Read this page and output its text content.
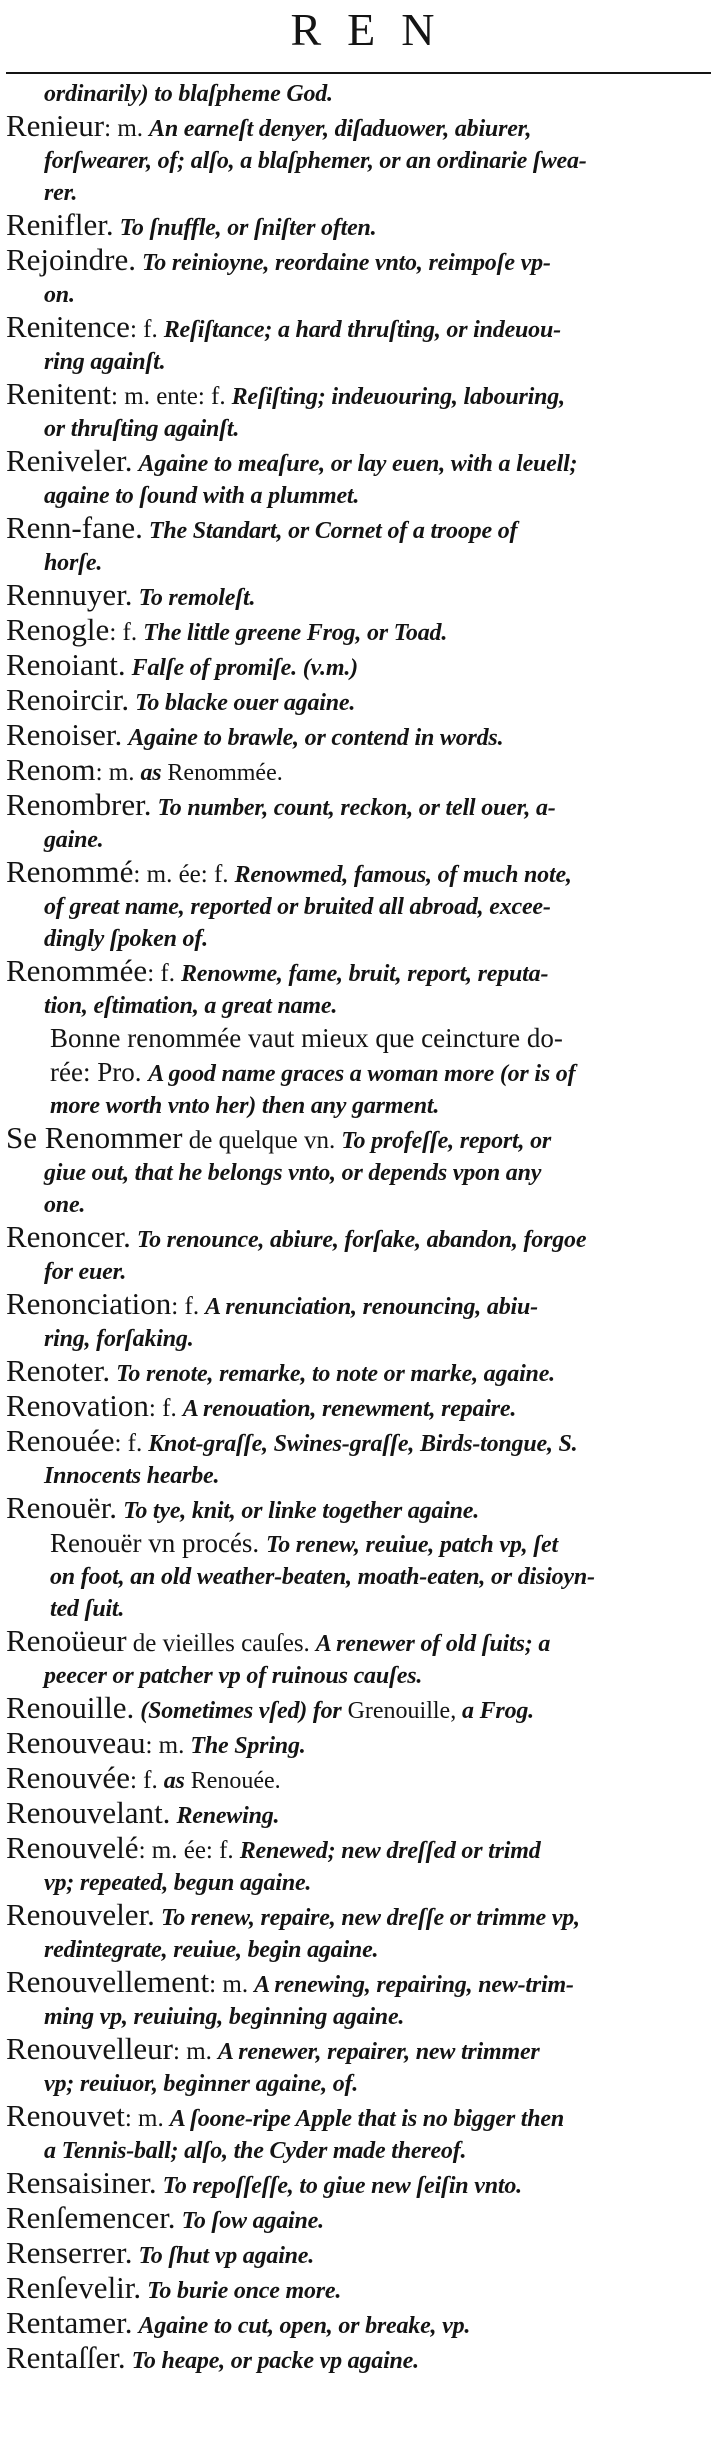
REN
ordinarily) to blaſpheme God.
Renieur: m. An earneſt denyer, diſaduower, abiurer,
forſwearer, of; alſo, a blaſphemer, or an ordinarie ſwea-
rer.
Renifler. To ſnuffle, or ſniſter often.
Rejoindre. To reinioyne, reordaine vnto, reimpoſe vp-
on.
Renitence: f. Reſiſtance; a hard thruſting, or indeuou-
ring againſt.
Renitent: m. ente: f. Reſiſting; indeuouring, labouring,
or thruſting againſt.
Reniveler. Againe to meaſure, or lay euen, with a leuell;
againe to ſound with a plummet.
Renn-fane. The Standart, or Cornet of a troope of
horſe.
Rennuyer. To remoleſt.
Renogle: f. The little greene Frog, or Toad.
Renoiant. Falſe of promiſe. (v.m.)
Renoircir. To blacke ouer againe.
Renoiser. Againe to brawle, or contend in words.
Renom: m. as Renommée.
Renombrer. To number, count, reckon, or tell ouer, a-
gaine.
Renommé: m. ée: f. Renowmed, famous, of much note,
of great name, reported or bruited all abroad, excee-
dingly ſpoken of.
Renommée: f. Renowme, fame, bruit, report, reputa-
tion, eſtimation, a great name.
Bonne renommée vaut mieux que ceincture do-
rée: Pro. A good name graces a woman more (or is of
more worth vnto her) then any garment.
Se Renommer de quelque vn. To profeſſe, report, or
giue out, that he belongs vnto, or depends vpon any
one.
Renoncer. To renounce, abiure, forſake, abandon, forgoe
for euer.
Renonciation: f. A renunciation, renouncing, abiu-
ring, forſaking.
Renoter. To renote, remarke, to note or marke, againe.
Renovation: f. A renouation, renewment, repaire.
Renouée: f. Knot-graſſe, Swines-graſſe, Birds-tongue, S.
Innocents hearbe.
Renouër. To tye, knit, or linke together againe.
Renouër vn procés. To renew, reuiue, patch vp, ſet
on foot, an old weather-beaten, moath-eaten, or disioyn-
ted ſuit.
Renoüeur de vieilles cauſes. A renewer of old ſuits; a
peecer or patcher vp of ruinous cauſes.
Renouille. (Sometimes vſed) for Grenouille, a Frog.
Renouveau: m. The Spring.
Renouvée: f. as Renouée.
Renouvelant. Renewing.
Renouvelé: m. ée: f. Renewed; new dreſſed or trimd
vp; repeated, begun againe.
Renouveler. To renew, repaire, new dreſſe or trimme vp,
redintegrate, reuiue, begin againe.
Renouvellement: m. A renewing, repairing, new-trim-
ming vp, reuiuing, beginning againe.
Renouvelleur: m. A renewer, repairer, new trimmer
vp; reuiuor, beginner againe, of.
Renouvet: m. A ſoone-ripe Apple that is no bigger then
a Tennis-ball; alſo, the Cyder made thereof.
Rensaisiner. To repoſſeſſe, to giue new ſeiſin vnto.
Renſemencer. To ſow againe.
Renserrer. To ſhut vp againe.
Renſevelir. To burie once more.
Rentamer. Againe to cut, open, or breake, vp.
Rentaſſer. To heape, or packe vp againe.
